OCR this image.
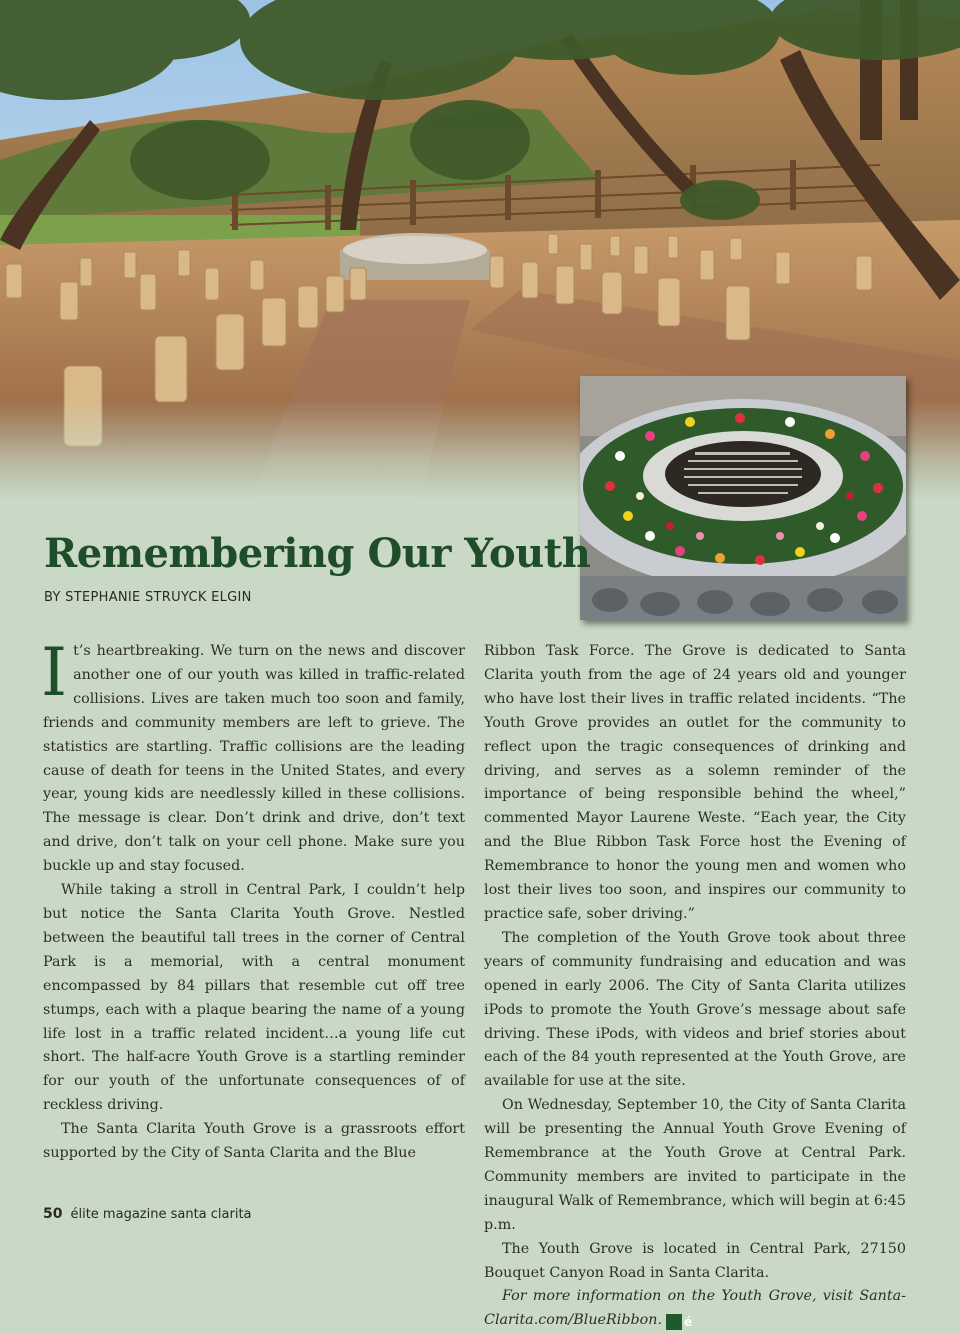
Remembering Our Youth
BY STEPHANIE STRUYCK ELGIN

It’s heartbreaking. We turn on the news and discover another one of our youth was killed in traffic-related collisions. Lives are taken much too soon and family, friends and community members are left to grieve. The statistics are startling. Traffic collisions are the leading cause of death for teens in the United States, and every year, young kids are needlessly killed in these collisions. The message is clear. Don’t drink and drive, don’t text and drive, don’t talk on your cell phone. Make sure you buckle up and stay focused.

While taking a stroll in Central Park, I couldn’t help but notice the Santa Clarita Youth Grove. Nestled between the beautiful tall trees in the corner of Central Park is a memorial, with a central monument encompassed by 84 pillars that resemble cut off tree stumps, each with a plaque bearing the name of a young life lost in a traffic related incident…a young life cut short. The half-acre Youth Grove is a startling reminder for our youth of the unfortunate consequences of of reckless driving.

The Santa Clarita Youth Grove is a grassroots effort supported by the City of Santa Clarita and the Blue

Ribbon Task Force. The Grove is dedicated to Santa Clarita youth from the age of 24 years old and younger who have lost their lives in traffic related incidents. “The Youth Grove provides an outlet for the community to reflect upon the tragic consequences of drinking and driving, and serves as a solemn reminder of the importance of being responsible behind the wheel,” commented Mayor Laurene Weste. “Each year, the City and the Blue Ribbon Task Force host the Evening of Remembrance to honor the young men and women who lost their lives too soon, and inspires our community to practice safe, sober driving.”

The completion of the Youth Grove took about three years of community fundraising and education and was opened in early 2006. The City of Santa Clarita utilizes iPods to promote the Youth Grove’s message about safe driving. These iPods, with videos and brief stories about each of the 84 youth represented at the Youth Grove, are available for use at the site.

On Wednesday, September 10, the City of Santa Clarita will be presenting the Annual Youth Grove Evening of Remembrance at the Youth Grove at Central Park. Community members are invited to participate in the inaugural Walk of Remembrance, which will begin at 6:45 p.m.

The Youth Grove is located in Central Park, 27150 Bouquet Canyon Road in Santa Clarita.

For more information on the Youth Grove, visit Santa-Clarita.com/BlueRibbon. é

50 élite magazine santa clarita
